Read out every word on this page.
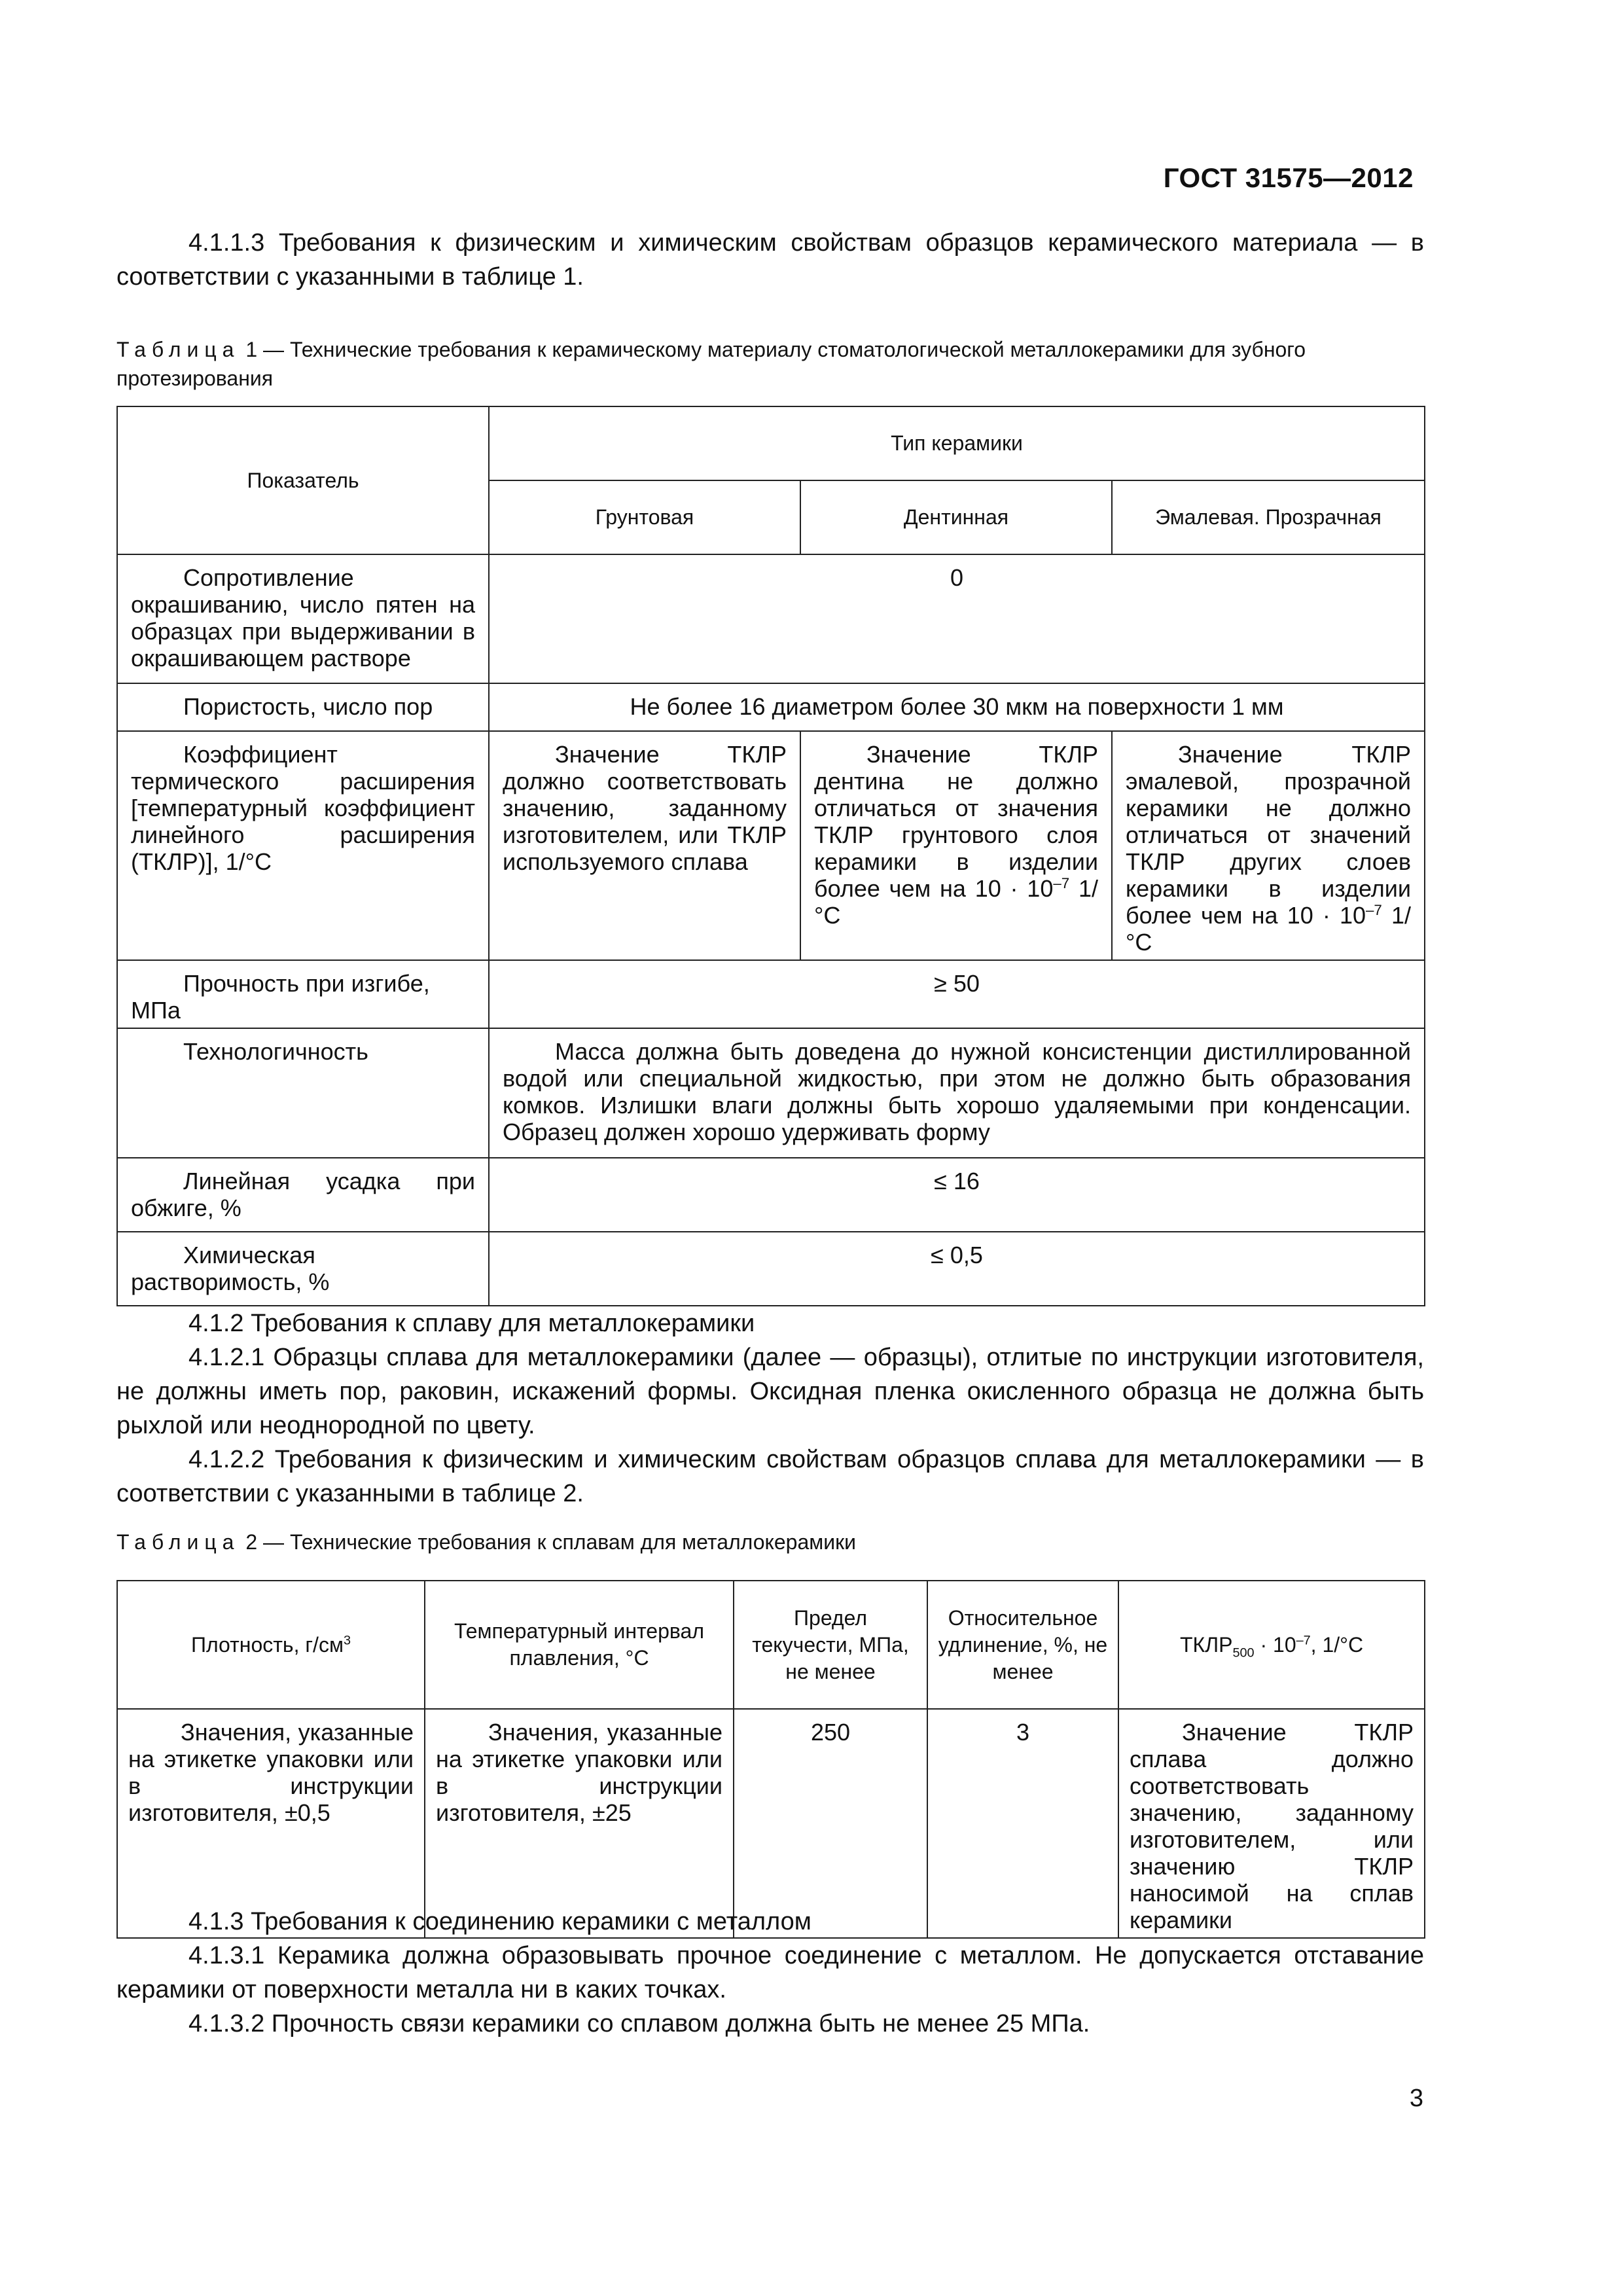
ГОСТ 31575—2012

4.1.1.3 Требования к физическим и химическим свойствам образцов керамического материала — в соответствии с указанными в таблице 1.

Таблица 1 — Технические требования к керамическому материалу стоматологической металлокерамики для зубного протезирования
Показатель	Тип керамики		
	Грунтовая	Дентинная	Эмалевая. Прозрачная
Сопротивление окрашиванию, число пятен на образцах при выдерживании в окрашивающем растворе	0		
Пористость, число пор	Не более 16 диаметром более 30 мкм на поверхности 1 мм		
Коэффициент термического расширения [температурный коэффициент линейного расширения (ТКЛР)], 1/°С	Значение ТКЛР должно соответствовать значению, заданному изготовителем, или ТКЛР используемого сплава	Значение ТКЛР дентина не должно отличаться от значения ТКЛР грунтового слоя керамики в изделии более чем на $10 \cdot 10^{-7}$ 1/°С	Значение ТКЛР эмалевой, прозрачной керамики не должно отличаться от значений ТКЛР других слоев керамики в изделии более чем на $10 \cdot 10^{-7}$ 1/°С
Прочность при изгибе, МПа	≥ 50		
Технологичность	Масса должна быть доведена до нужной консистенции дистиллированной водой или специальной жидкостью, при этом не должно быть образования комков. Излишки влаги должны быть хорошо удаляемыми при конденсации. Образец должен хорошо удерживать форму		
Линейная усадка при обжиге, %	≤ 16		
Химическая растворимость, %	≤ 0,5		

4.1.2 Требования к сплаву для металлокерамики

4.1.2.1 Образцы сплава для металлокерамики (далее — образцы), отлитые по инструкции изготовителя, не должны иметь пор, раковин, искажений формы. Оксидная пленка окисленного образца не должна быть рыхлой или неоднородной по цвету.

4.1.2.2 Требования к физическим и химическим свойствам образцов сплава для металлокерамики — в соответствии с указанными в таблице 2.

Таблица 2 — Технические требования к сплавам для металлокерамики
Плотность, $г/см^3$	Температурный интервал плавления, °С	Предел текучести, МПа, не менее	Относительное удлинение, %, не менее	$ТКЛР_{500} \cdot 10^{-7}$, 1/°С
Значения, указанные на этикетке упаковки или в инструкции изготовителя, ±0,5	Значения, указанные на этикетке упаковки или в инструкции изготовителя, ±25	250	3	Значение ТКЛР сплава должно соответствовать значению, заданному изготовителем, или значению ТКЛР наносимой на сплав керамики

4.1.3 Требования к соединению керамики с металлом

4.1.3.1 Керамика должна образовывать прочное соединение с металлом. Не допускается отставание керамики от поверхности металла ни в каких точках.

4.1.3.2 Прочность связи керамики со сплавом должна быть не менее 25 МПа.

3
